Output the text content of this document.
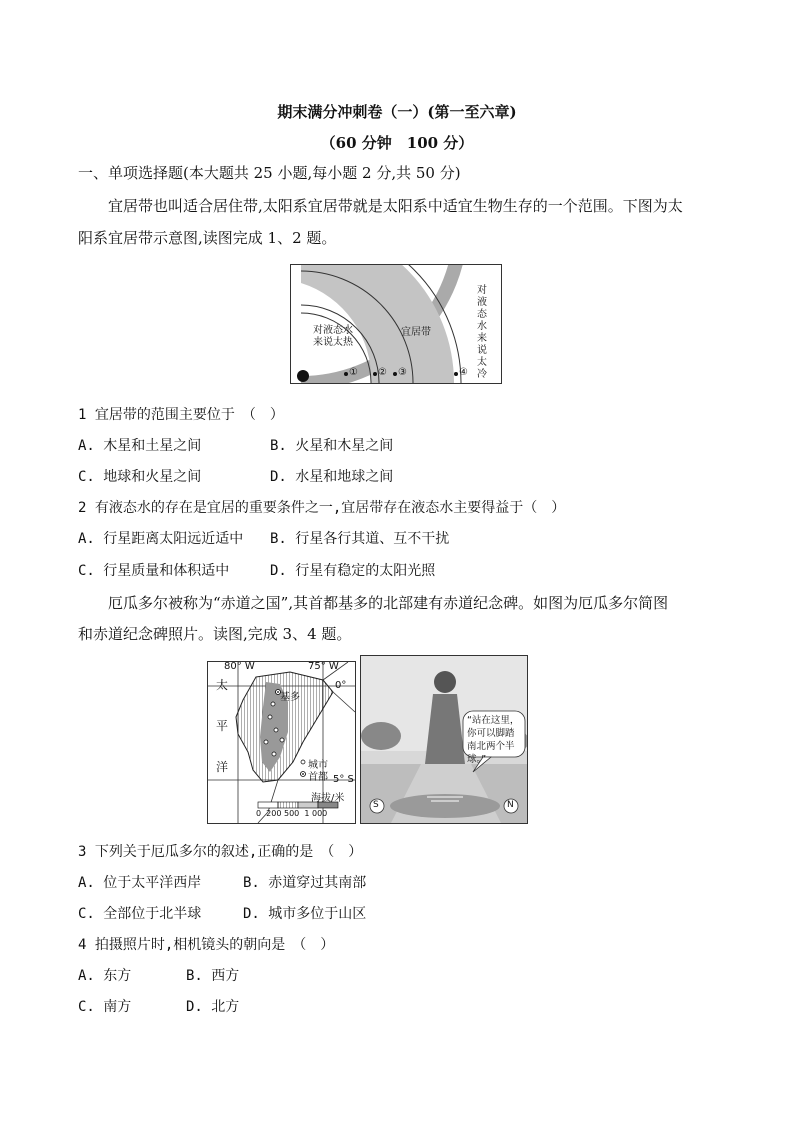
期末满分冲刺卷（一）(第一至六章)
（60 分钟　100 分）
一、单项选择题(本大题共 25 小题,每小题 2 分,共 50 分)
宜居带也叫适合居住带,太阳系宜居带就是太阳系中适宜生物生存的一个范围。下图为太
阳系宜居带示意图,读图完成 1、2 题。
对液态水来说太热
宜居带
对液态水来说太冷
① ② ③	④
1 宜居带的范围主要位于　（　）
A. 木星和土星之间	B. 火星和木星之间
C. 地球和火星之间	D. 水星和地球之间
2 有液态水的存在是宜居的重要条件之一,宜居带存在液态水主要得益于（　）
A. 行星距离太阳远近适中 B. 行星各行其道、互不干扰
C. 行星质量和体积适中	D. 行星有稳定的太阳光照
厄瓜多尔被称为“赤道之国”,其首都基多的北部建有赤道纪念碑。如图为厄瓜多尔简图
和赤道纪念碑照片。读图,完成 3、4 题。
80° W	75° W
0°
5° S
太
平
洋
基多
城市
首都
海拔/米
0  200 500  1 000
“站在这里，你可以脚踏南北两个半球。”
S	N
3 下列关于厄瓜多尔的叙述,正确的是　（　）
A. 位于太平洋西岸	B. 赤道穿过其南部
C. 全部位于北半球	D. 城市多位于山区
4 拍摄照片时,相机镜头的朝向是　（　）
A. 东方	B. 西方
C. 南方	D. 北方
